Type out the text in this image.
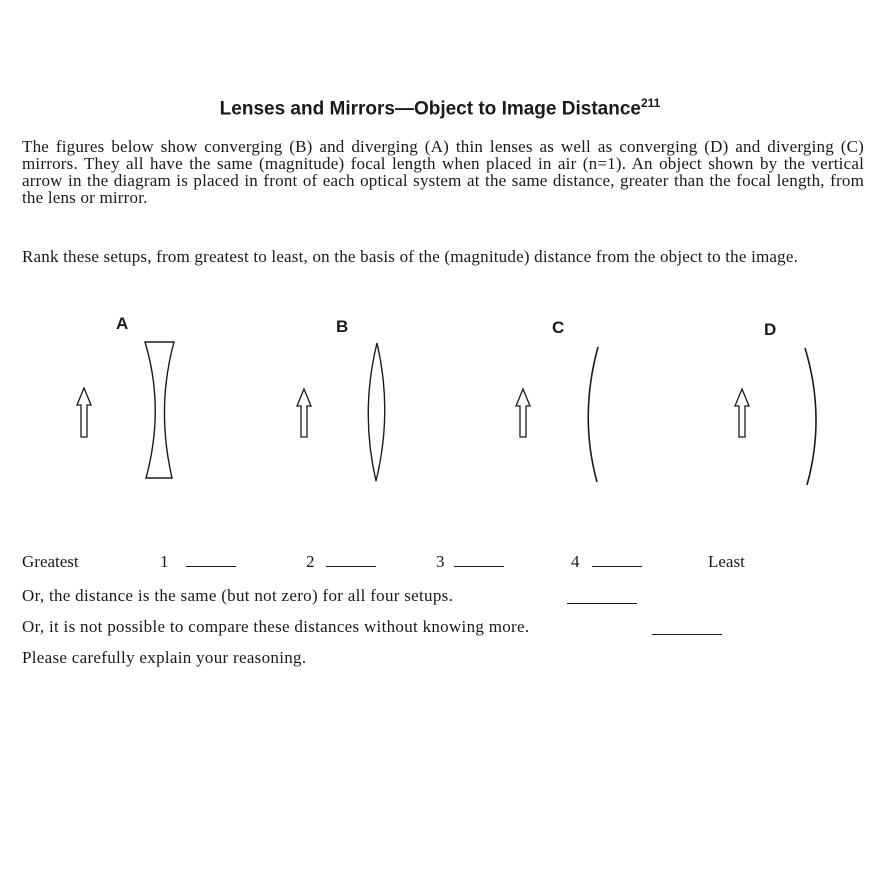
Lenses and Mirrors—Object to Image Distance$^{211}$
The figures below show converging (B) and diverging (A) thin lenses as well as converging (D) and diverging (C) mirrors. They all have the same (magnitude) focal length when placed in air (n=1). An object shown by the vertical arrow in the diagram is placed in front of each optical system at the same distance, greater than the focal length, from the lens or mirror.
Rank these setups, from greatest to least, on the basis of the (magnitude) distance from the object to the image.
A	B	C	D
Greatest	1	2	3	4	Least
Or, the distance is the same (but not zero) for all four setups.
Or, it is not possible to compare these distances without knowing more.
Please carefully explain your reasoning.
